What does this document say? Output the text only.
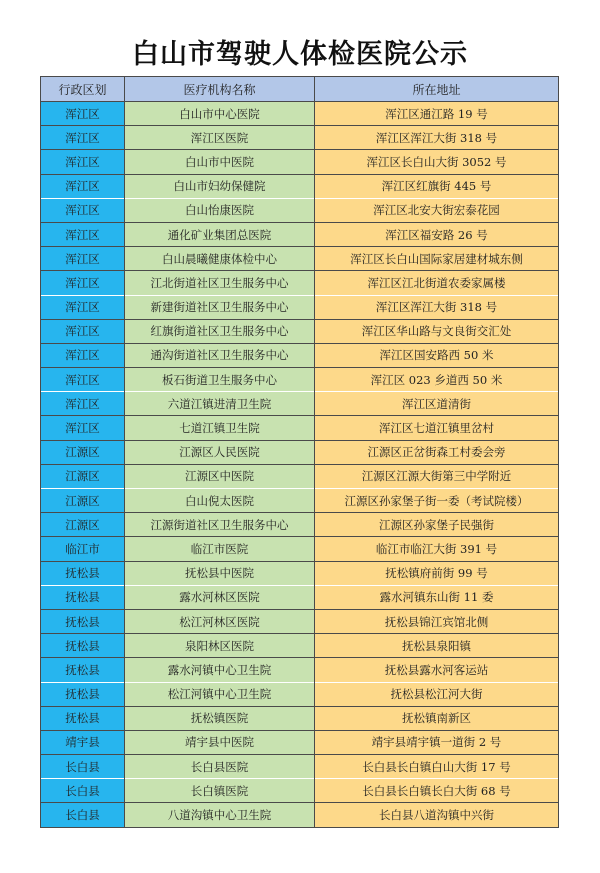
白山市驾驶人体检医院公示
行政区划	医疗机构名称	所在地址
浑江区	白山市中心医院	浑江区通江路 19 号
浑江区	浑江区医院	浑江区浑江大街 318 号
浑江区	白山市中医院	浑江区长白山大街 3052 号
浑江区	白山市妇幼保健院	浑江区红旗街 445 号
浑江区	白山怡康医院	浑江区北安大街宏泰花园
浑江区	通化矿业集团总医院	浑江区福安路 26 号
浑江区	白山晨曦健康体检中心	浑江区长白山国际家居建材城东侧
浑江区	江北街道社区卫生服务中心	浑江区江北街道农委家属楼
浑江区	新建街道社区卫生服务中心	浑江区浑江大街 318 号
浑江区	红旗街道社区卫生服务中心	浑江区华山路与文良街交汇处
浑江区	通沟街道社区卫生服务中心	浑江区国安路西 50 米
浑江区	板石街道卫生服务中心	浑江区 023 乡道西 50 米
浑江区	六道江镇进清卫生院	浑江区道清街
浑江区	七道江镇卫生院	浑江区七道江镇里岔村
江源区	江源区人民医院	江源区正岔街森工村委会旁
江源区	江源区中医院	江源区江源大街第三中学附近
江源区	白山倪太医院	江源区孙家堡子街一委（考试院楼）
江源区	江源街道社区卫生服务中心	江源区孙家堡子民强街
临江市	临江市医院	临江市临江大街 391 号
抚松县	抚松县中医院	抚松镇府前街 99 号
抚松县	露水河林区医院	露水河镇东山街 11 委
抚松县	松江河林区医院	抚松县锦江宾馆北侧
抚松县	泉阳林区医院	抚松县泉阳镇
抚松县	露水河镇中心卫生院	抚松县露水河客运站
抚松县	松江河镇中心卫生院	抚松县松江河大街
抚松县	抚松镇医院	抚松镇南新区
靖宇县	靖宇县中医院	靖宇县靖宇镇一道街 2 号
长白县	长白县医院	长白县长白镇白山大街 17 号
长白县	长白镇医院	长白县长白镇长白大街 68 号
长白县	八道沟镇中心卫生院	长白县八道沟镇中兴街
